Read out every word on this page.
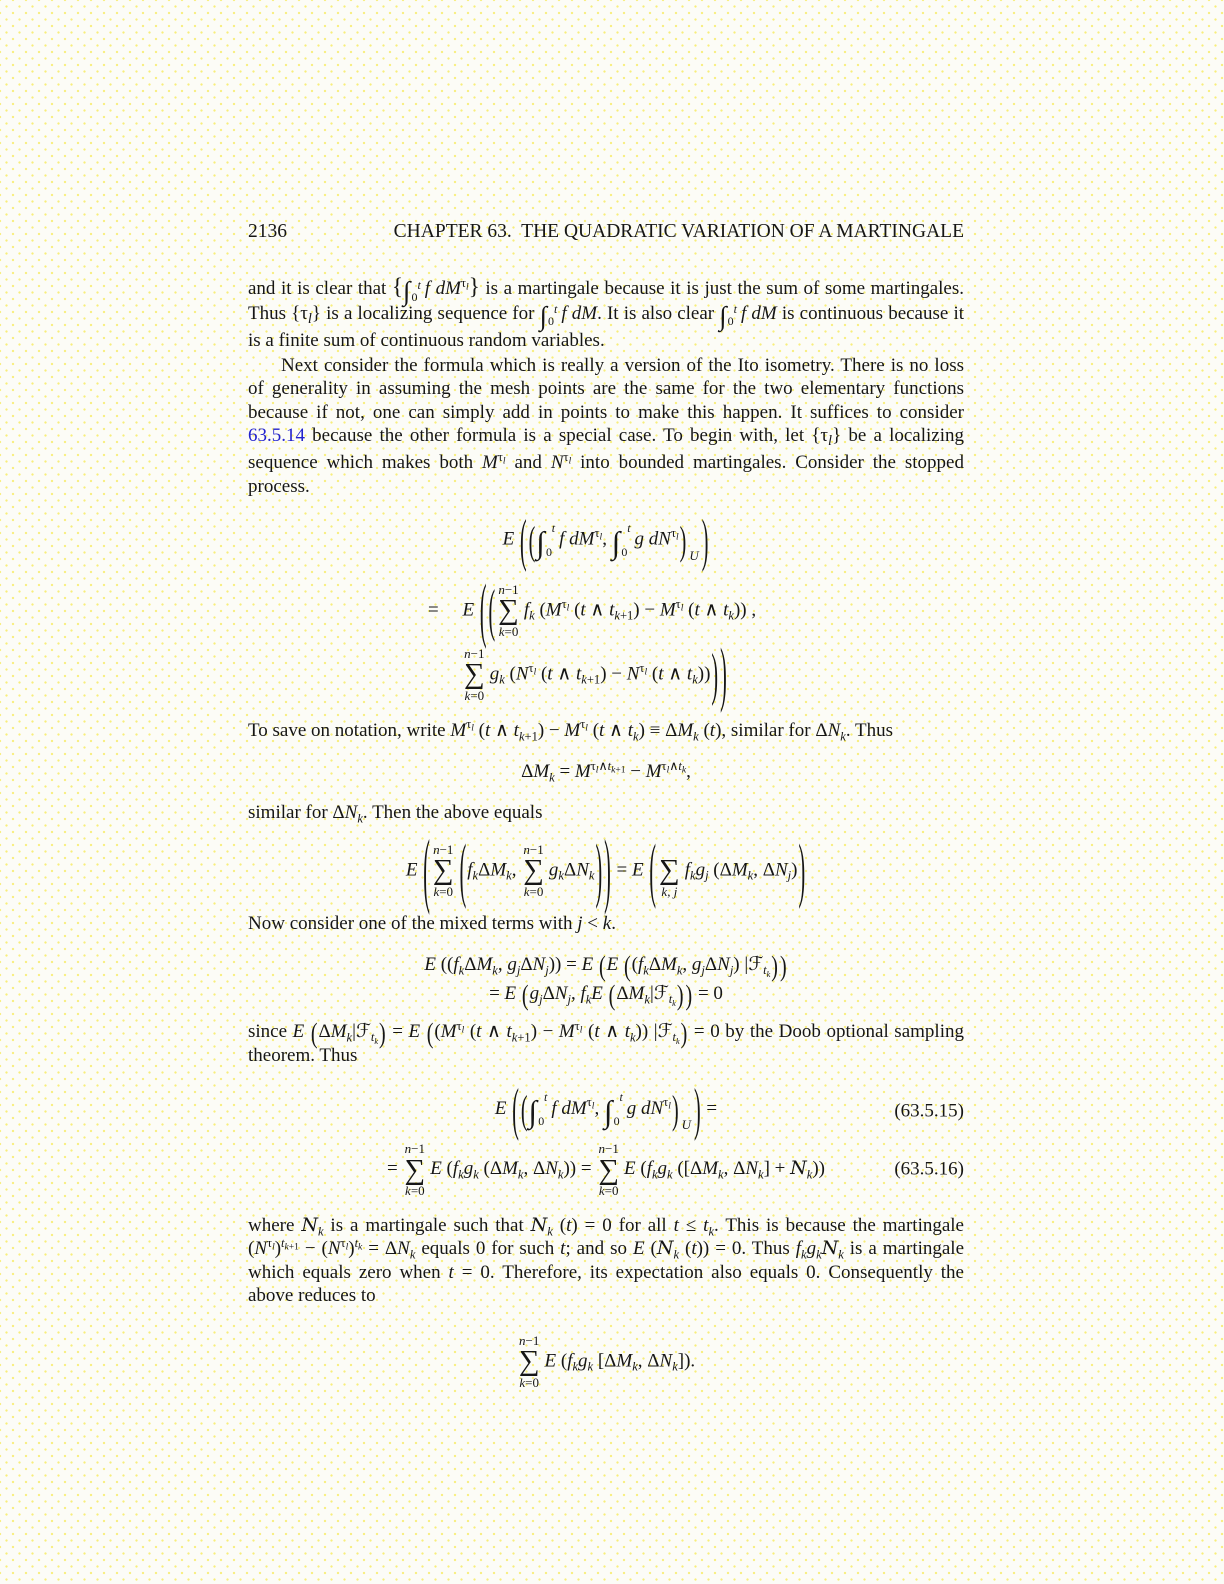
2136	CHAPTER 63.  THE QUADRATIC VARIATION OF A MARTINGALE
and it is clear that {∫ t
0 f $dM^{\tau_l}$} is a martingale because it is just the sum of some martingales. Thus $\{\tau_l\}$ is a localizing sequence for ∫ t
0 f dM. It is also clear ∫ t
0 f dM is continuous because it is a finite sum of continuous random variables.
Next consider the formula which is really a version of the Ito isometry. There is no loss of generality in assuming the mesh points are the same for the two elementary functions because if not, one can simply add in points to make this happen. It suffices to consider 63.5.14 because the other formula is a special case. To begin with, let $\{\tau_l\}$ be a localizing sequence which makes both $M^{\tau_l}$ and $N^{\tau_l}$ into bounded martingales. Consider the stopped process.
E ( (∫ t
0
f $dM^{\tau_l}$, ∫ t
0
g $dN^{\tau_l}$) $_U$ )
=   E ( ( n−1
∑
k=0
$f_k$ ($M^{\tau_l}$ (t ∧ $t_{k+1}) - M^{\tau_l}$ (t ∧ $t_k$)) ,
n−1
∑
k=0
$g_k$ ($N^{\tau_l}$ (t ∧ $t_{k+1}) - N^{\tau_l}$ (t ∧ $t_k$))) )
To save on notation, write $M^{\tau_l}$ (t ∧ $t_{k+1}) - M^{\tau_l}$ (t ∧ $t_k) \equiv \Delta M_k$ (t), similar for $\Delta N_k$. Thus
$\Delta M_k = M^{\tau_l\wedge t_{k+1}} - M^{\tau_l\wedge t_k}$,
similar for $\Delta N_k$. Then the above equals
E ( n−1
∑
k=0 ($f_k\Delta M_k$,
n−1
∑
k=0
$g_k\Delta N_k$) ) = E (
∑
k, j
$f_kg_j$ ($\Delta M_k$, $\Delta N_j$))
Now consider one of the mixed terms with j < k.
E (($f_k\Delta M_k$, $g_j\Delta N_j)) = E$ (E (($f_k\Delta M_k$, $g_j\Delta N_j$) |ℱ$_{t_k}$) )
= E ($g_j\Delta N_j$, $f_kE$ $(\Delta M_k|ℱ_{t_k})$ ) = 0
since E $(\Delta M_k|ℱ_{t_k}) = E$ (($M^{\tau_l}$ (t ∧ $t_{k+1}) - M^{\tau_l}$ (t ∧ $t_k$)) |ℱ$_{t_k}$) = 0 by the Doob optional sampling theorem. Thus
E ( (∫ t
0
f $dM^{\tau_l}$, ∫ t
0
g $dN^{\tau_l}$) $_U$ ) =	(63.5.15)
=
n−1
∑
k=0
E ($f_kg_k$ ($\Delta M_k$, $\Delta N_k$)) =
n−1
∑
k=0
E ($f_kg_k$ ([$\Delta M_k$, $\Delta N_k] + N_k$))	(63.5.16)
where $N_k$ is a martingale such that $N_k$ (t) = 0 for all $t \le t_k$. This is because the martingale $(N^{\tau_l})^{t_{k+1}} - (N^{\tau_l})^{t_k} = \Delta N_k$ equals 0 for such t; and so E ($N_k$ (t)) = 0. Thus $f_kg_kN_k$ is a martingale which equals zero when t = 0. Therefore, its expectation also equals 0. Consequently the above reduces to
n−1
∑
k=0
E ($f_kg_k$ [$\Delta M_k$, $\Delta N_k$]).
